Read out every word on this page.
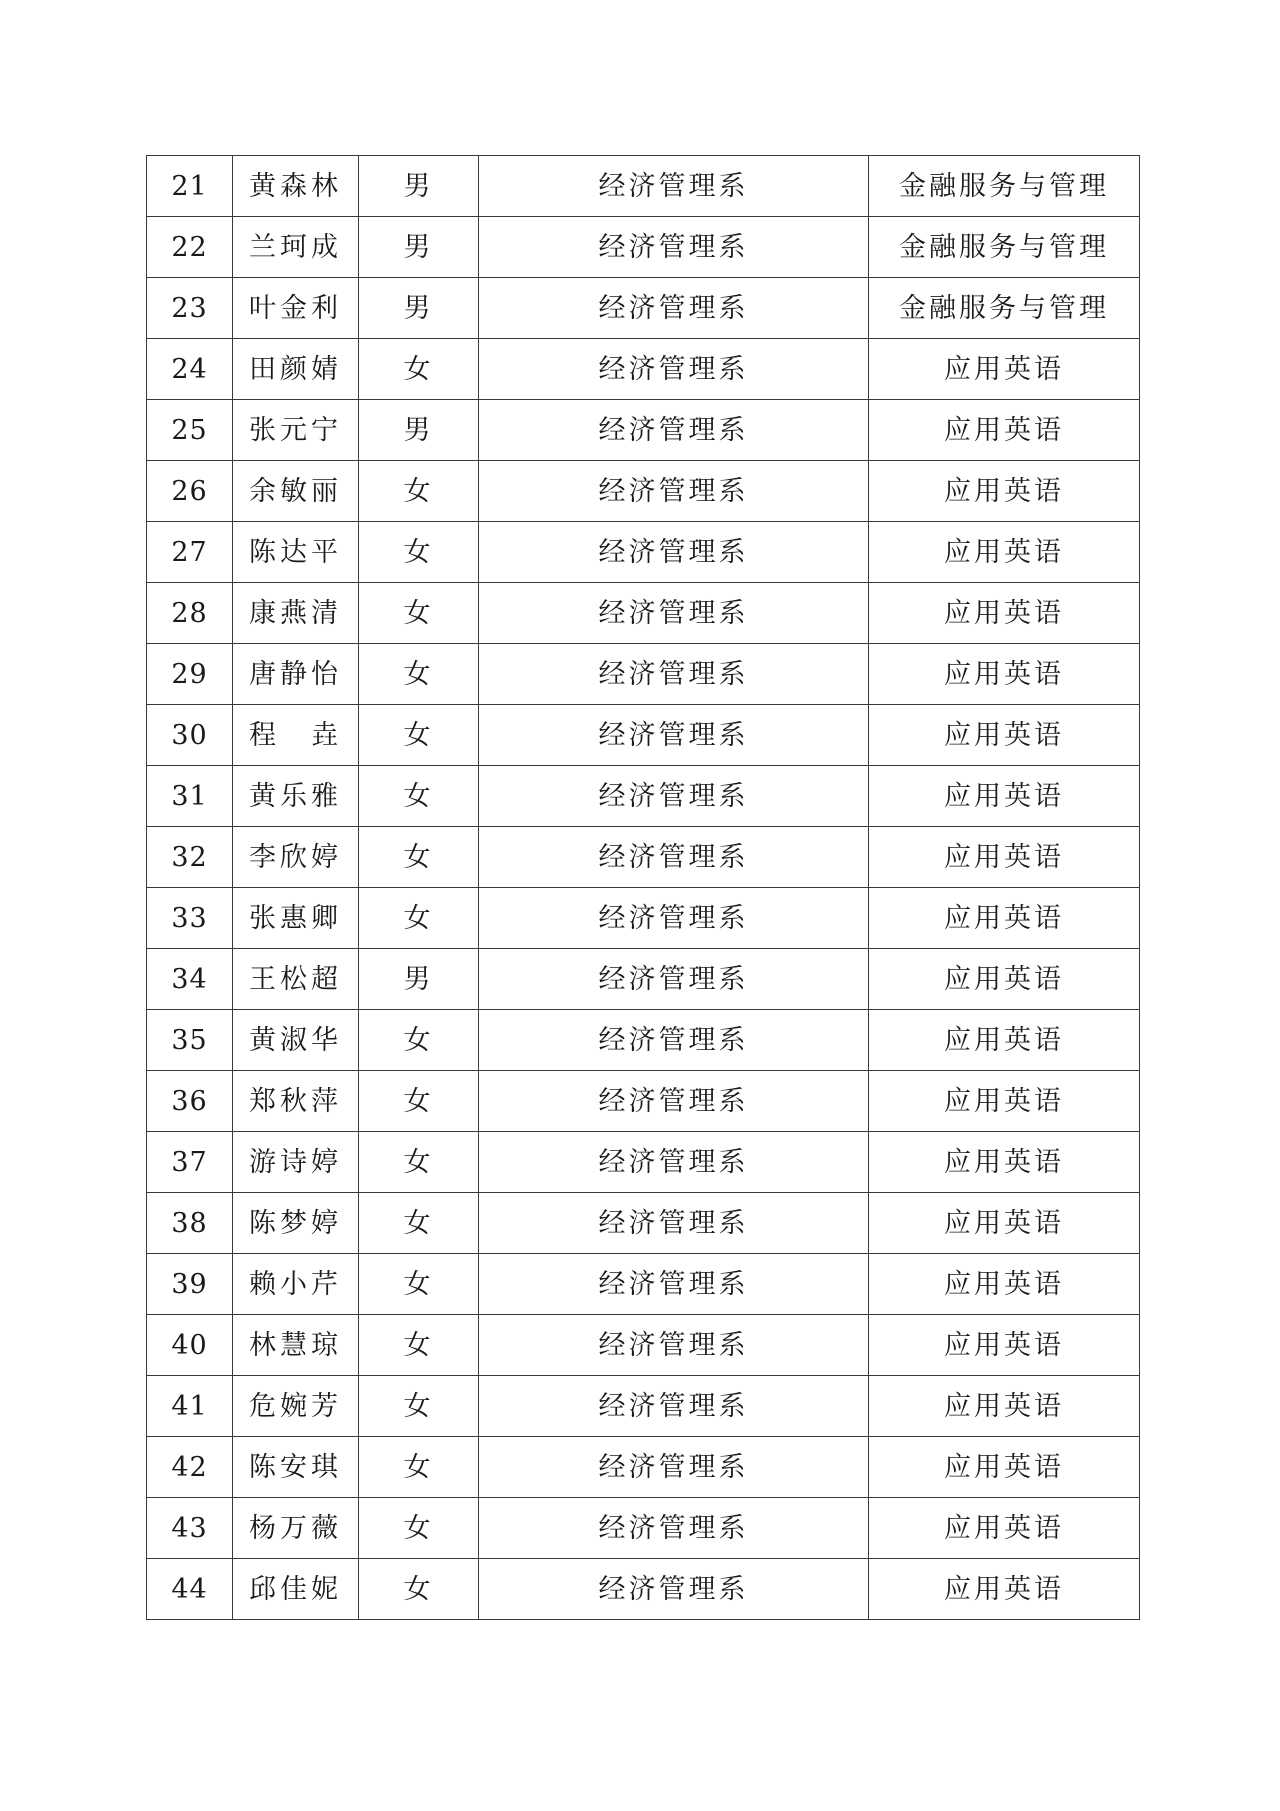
21	黄森林	男	经济管理系	金融服务与管理
22	兰珂成	男	经济管理系	金融服务与管理
23	叶金利	男	经济管理系	金融服务与管理
24	田颜婧	女	经济管理系	应用英语
25	张元宁	男	经济管理系	应用英语
26	余敏丽	女	经济管理系	应用英语
27	陈达平	女	经济管理系	应用英语
28	康燕清	女	经济管理系	应用英语
29	唐静怡	女	经济管理系	应用英语
30	程　垚	女	经济管理系	应用英语
31	黄乐雅	女	经济管理系	应用英语
32	李欣婷	女	经济管理系	应用英语
33	张惠卿	女	经济管理系	应用英语
34	王松超	男	经济管理系	应用英语
35	黄淑华	女	经济管理系	应用英语
36	郑秋萍	女	经济管理系	应用英语
37	游诗婷	女	经济管理系	应用英语
38	陈梦婷	女	经济管理系	应用英语
39	赖小芹	女	经济管理系	应用英语
40	林慧琼	女	经济管理系	应用英语
41	危婉芳	女	经济管理系	应用英语
42	陈安琪	女	经济管理系	应用英语
43	杨万薇	女	经济管理系	应用英语
44	邱佳妮	女	经济管理系	应用英语
